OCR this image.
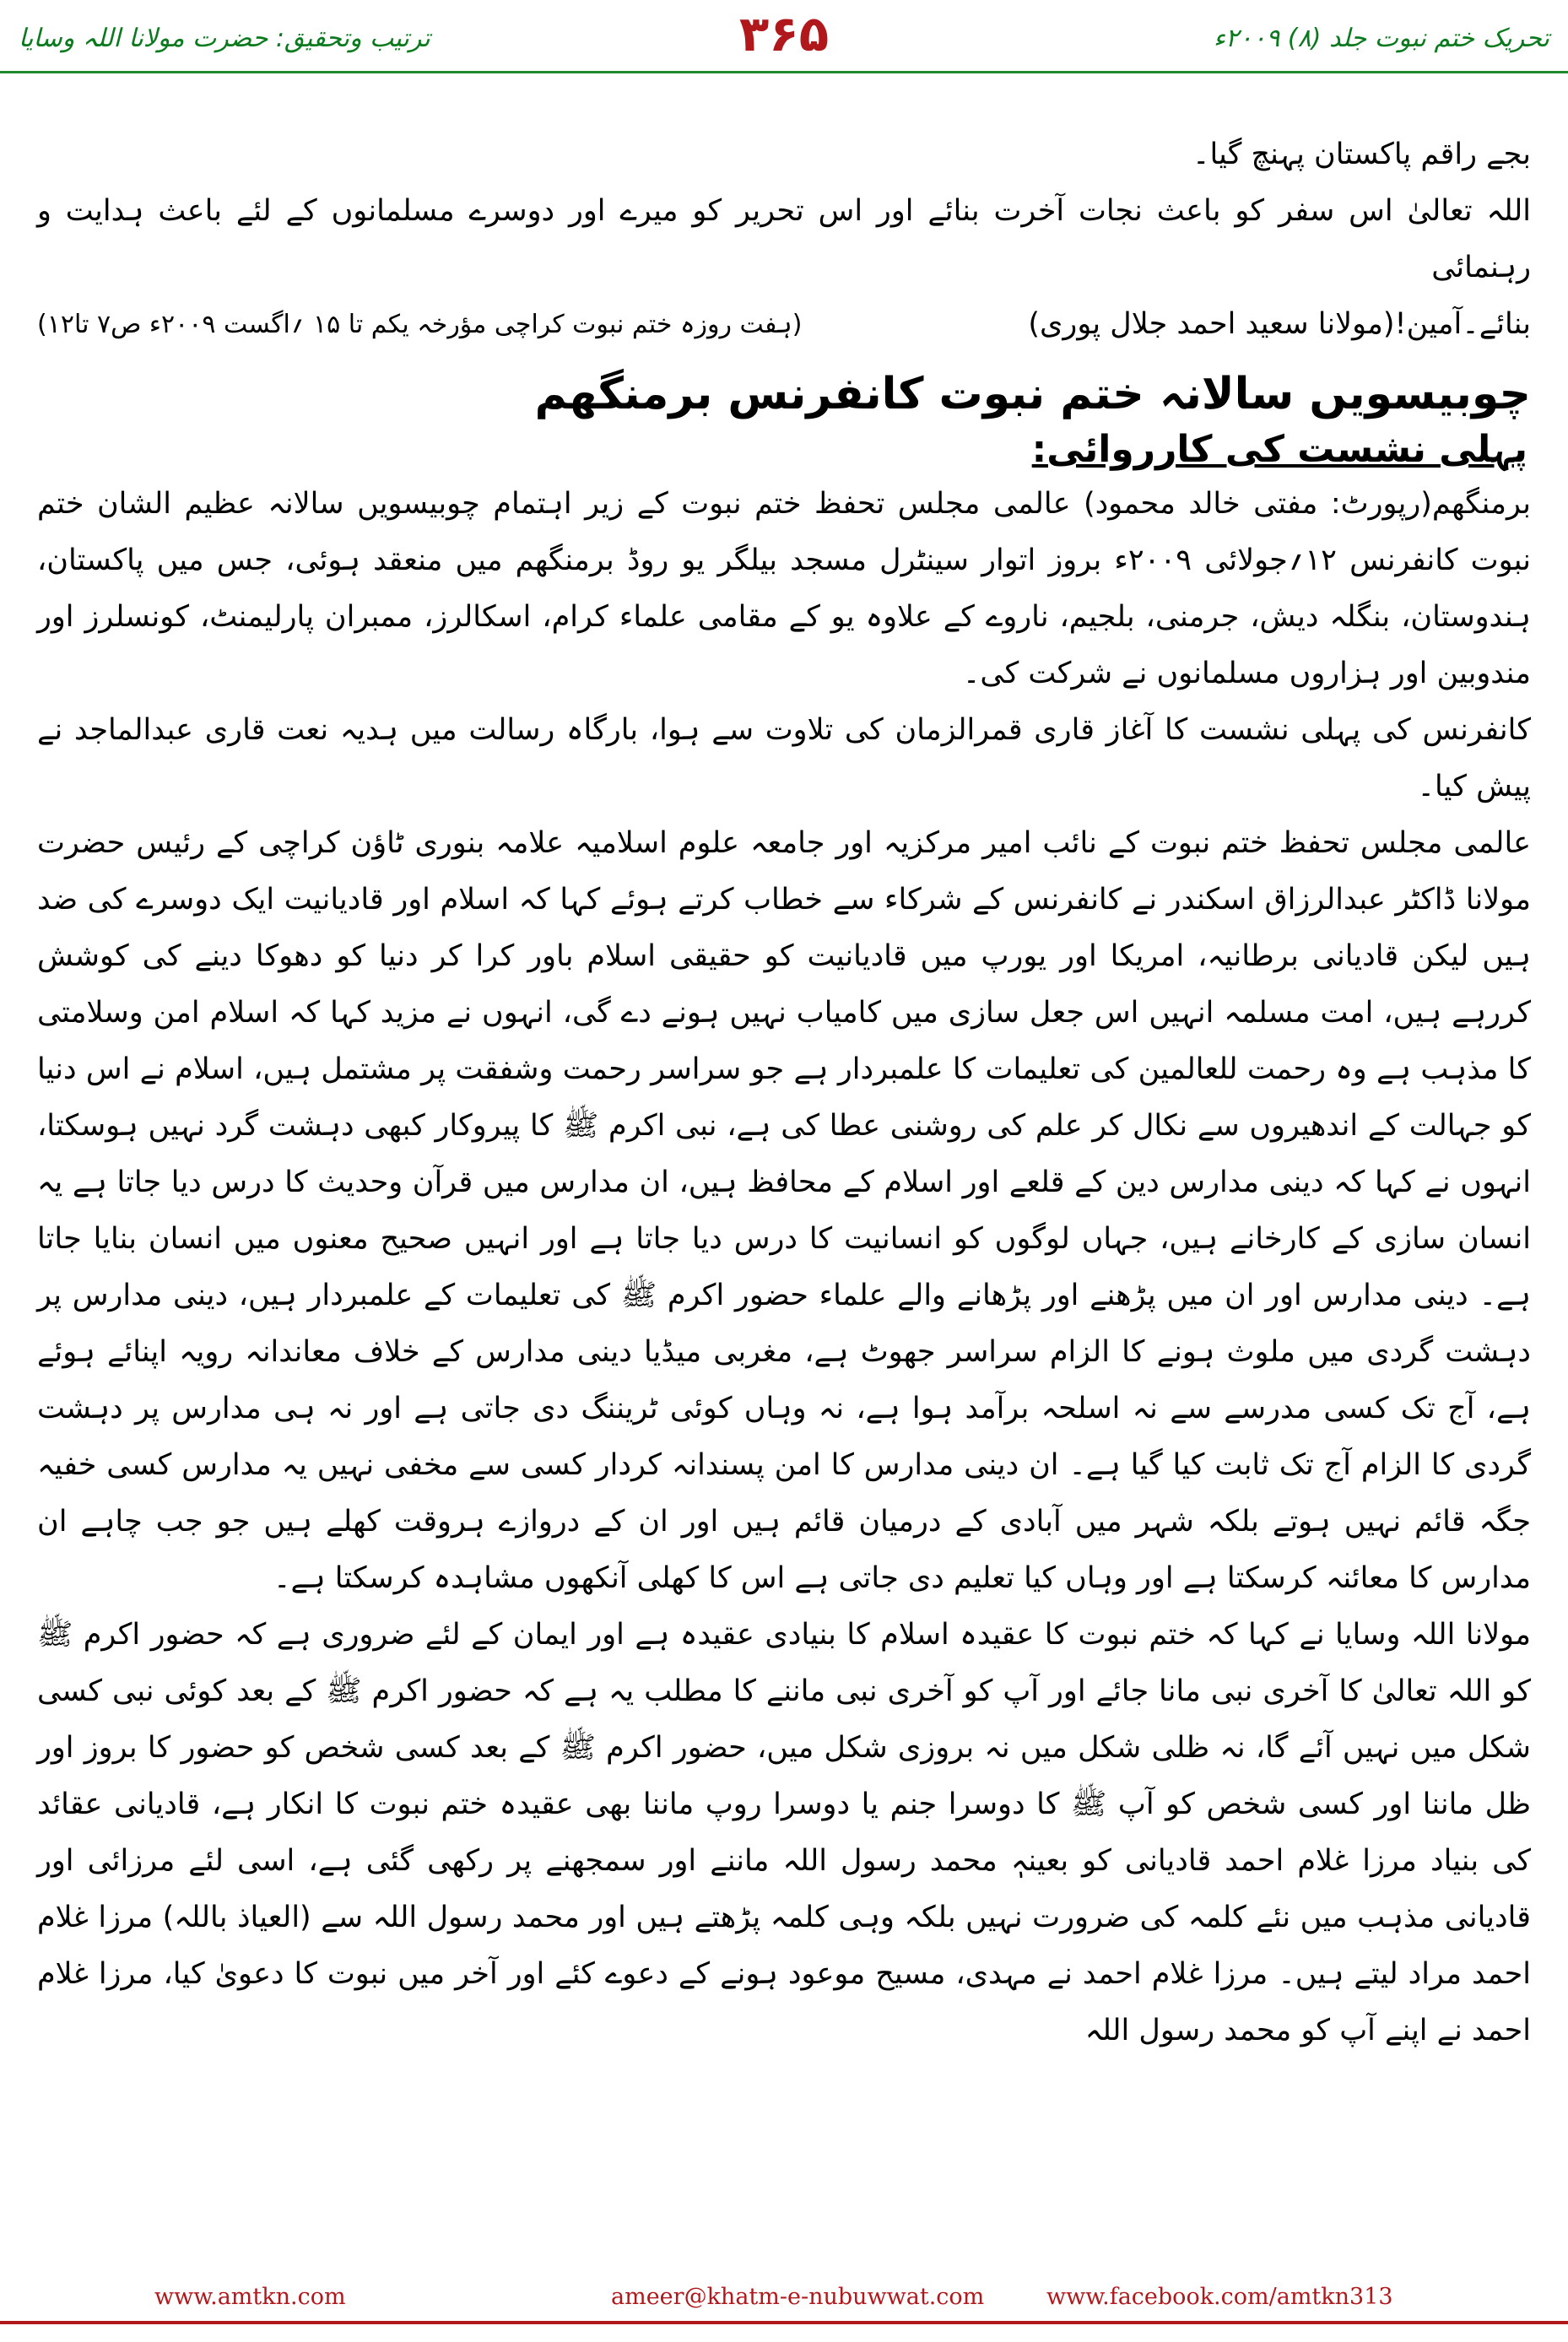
تحریک ختم نبوت جلد (۸) ۲۰۰۹ء
۳۶۵
ترتیب وتحقیق: حضرت مولانا اللہ وسایا

بجے راقم پاکستان پہنچ گیا۔

اللہ تعالیٰ اس سفر کو باعث نجات آخرت بنائے اور اس تحریر کو میرے اور دوسرے مسلمانوں کے لئے باعث ہدایت و رہنمائی

بنائے۔آمین!(مولانا سعید احمد جلال پوری)
(ہفت روزہ ختم نبوت کراچی مؤرخہ یکم تا ۱۵ ؍اگست ۲۰۰۹ء ص۷ تا۱۲)
چوبیسویں سالانہ ختم نبوت کانفرنس برمنگھم
پہلی نشست کی کارروائی:

برمنگھم(رپورٹ: مفتی خالد محمود) عالمی مجلس تحفظ ختم نبوت کے زیر اہتمام چوبیسویں سالانہ عظیم الشان ختم نبوت کانفرنس ۱۲؍جولائی ۲۰۰۹ء بروز اتوار سینٹرل مسجد بیلگر یو روڈ برمنگھم میں منعقد ہوئی، جس میں پاکستان، ہندوستان، بنگلہ دیش، جرمنی، بلجیم، ناروے کے علاوہ یو کے مقامی علماء کرام، اسکالرز، ممبران پارلیمنٹ، کونسلرز اور مندوبین اور ہزاروں مسلمانوں نے شرکت کی۔

کانفرنس کی پہلی نشست کا آغاز قاری قمرالزمان کی تلاوت سے ہوا، بارگاہ رسالت میں ہدیہ نعت قاری عبدالماجد نے پیش کیا۔

عالمی مجلس تحفظ ختم نبوت کے نائب امیر مرکزیہ اور جامعہ علوم اسلامیہ علامہ بنوری ٹاؤن کراچی کے رئیس حضرت مولانا ڈاکٹر عبدالرزاق اسکندر نے کانفرنس کے شرکاء سے خطاب کرتے ہوئے کہا کہ اسلام اور قادیانیت ایک دوسرے کی ضد ہیں لیکن قادیانی برطانیہ، امریکا اور یورپ میں قادیانیت کو حقیقی اسلام باور کرا کر دنیا کو دھوکا دینے کی کوشش کررہے ہیں، امت مسلمہ انہیں اس جعل سازی میں کامیاب نہیں ہونے دے گی، انہوں نے مزید کہا کہ اسلام امن وسلامتی کا مذہب ہے وہ رحمت للعالمین کی تعلیمات کا علمبردار ہے جو سراسر رحمت وشفقت پر مشتمل ہیں، اسلام نے اس دنیا کو جہالت کے اندھیروں سے نکال کر علم کی روشنی عطا کی ہے، نبی اکرم ﷺ کا پیروکار کبھی دہشت گرد نہیں ہوسکتا، انہوں نے کہا کہ دینی مدارس دین کے قلعے اور اسلام کے محافظ ہیں، ان مدارس میں قرآن وحدیث کا درس دیا جاتا ہے یہ انسان سازی کے کارخانے ہیں، جہاں لوگوں کو انسانیت کا درس دیا جاتا ہے اور انہیں صحیح معنوں میں انسان بنایا جاتا ہے۔ دینی مدارس اور ان میں پڑھنے اور پڑھانے والے علماء حضور اکرم ﷺ کی تعلیمات کے علمبردار ہیں، دینی مدارس پر دہشت گردی میں ملوث ہونے کا الزام سراسر جھوٹ ہے، مغربی میڈیا دینی مدارس کے خلاف معاندانہ رویہ اپنائے ہوئے ہے، آج تک کسی مدرسے سے نہ اسلحہ برآمد ہوا ہے، نہ وہاں کوئی ٹریننگ دی جاتی ہے اور نہ ہی مدارس پر دہشت گردی کا الزام آج تک ثابت کیا گیا ہے۔ ان دینی مدارس کا امن پسندانہ کردار کسی سے مخفی نہیں یہ مدارس کسی خفیہ جگہ قائم نہیں ہوتے بلکہ شہر میں آبادی کے درمیان قائم ہیں اور ان کے دروازے ہروقت کھلے ہیں جو جب چاہے ان مدارس کا معائنہ کرسکتا ہے اور وہاں کیا تعلیم دی جاتی ہے اس کا کھلی آنکھوں مشاہدہ کرسکتا ہے۔

مولانا اللہ وسایا نے کہا کہ ختم نبوت کا عقیدہ اسلام کا بنیادی عقیدہ ہے اور ایمان کے لئے ضروری ہے کہ حضور اکرم ﷺ کو اللہ تعالیٰ کا آخری نبی مانا جائے اور آپ کو آخری نبی ماننے کا مطلب یہ ہے کہ حضور اکرم ﷺ کے بعد کوئی نبی کسی شکل میں نہیں آئے گا، نہ ظلی شکل میں نہ بروزی شکل میں، حضور اکرم ﷺ کے بعد کسی شخص کو حضور کا بروز اور ظل ماننا اور کسی شخص کو آپ ﷺ کا دوسرا جنم یا دوسرا روپ ماننا بھی عقیدہ ختم نبوت کا انکار ہے، قادیانی عقائد کی بنیاد مرزا غلام احمد قادیانی کو بعینہٖ محمد رسول اللہ ماننے اور سمجھنے پر رکھی گئی ہے، اسی لئے مرزائی اور قادیانی مذہب میں نئے کلمہ کی ضرورت نہیں بلکہ وہی کلمہ پڑھتے ہیں اور محمد رسول اللہ سے (العیاذ باللہ) مرزا غلام احمد مراد لیتے ہیں۔ مرزا غلام احمد نے مہدی، مسیح موعود ہونے کے دعوے کئے اور آخر میں نبوت کا دعویٰ کیا، مرزا غلام احمد نے اپنے آپ کو محمد رسول اللہ

www.amtkn.com	ameer@khatm-e-nubuwwat.com	www.facebook.com/amtkn313
